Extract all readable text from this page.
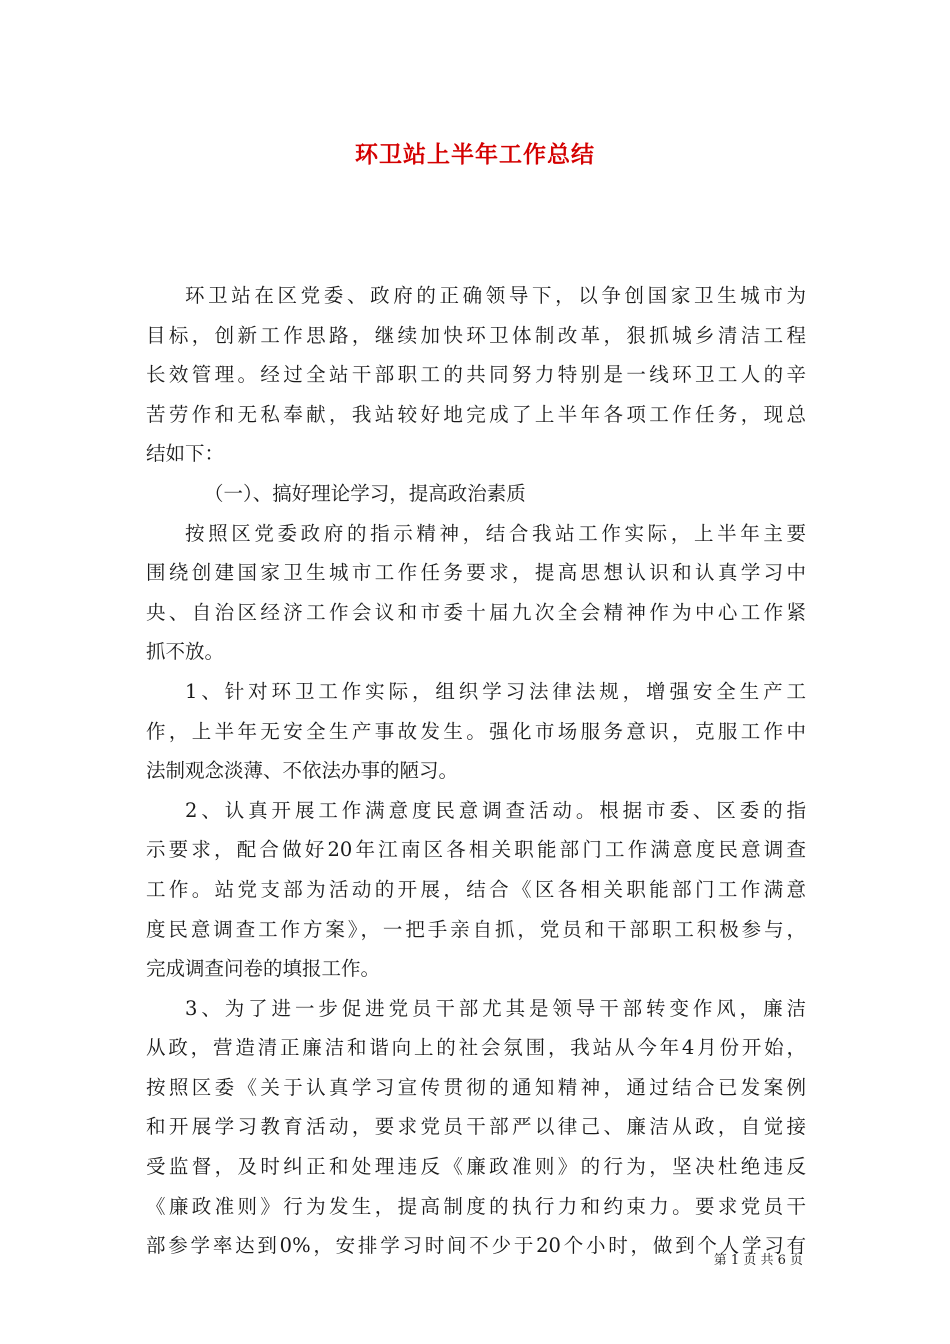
环卫站上半年工作总结
环卫站在区党委、政府的正确领导下，以争创国家卫生城市为
目标，创新工作思路，继续加快环卫体制改革，狠抓城乡清洁工程
长效管理。经过全站干部职工的共同努力特别是一线环卫工人的辛
苦劳作和无私奉献，我站较好地完成了上半年各项工作任务，现总
结如下：
（一）、搞好理论学习，提高政治素质
按照区党委政府的指示精神，结合我站工作实际，上半年主要
围绕创建国家卫生城市工作任务要求，提高思想认识和认真学习中
央、自治区经济工作会议和市委十届九次全会精神作为中心工作紧
抓不放。
1、针对环卫工作实际，组织学习法律法规，增强安全生产工
作，上半年无安全生产事故发生。强化市场服务意识，克服工作中
法制观念淡薄、不依法办事的陋习。
2、认真开展工作满意度民意调查活动。根据市委、区委的指
示要求，配合做好20年江南区各相关职能部门工作满意度民意调查
工作。站党支部为活动的开展，结合《区各相关职能部门工作满意
度民意调查工作方案》，一把手亲自抓，党员和干部职工积极参与，
完成调查问卷的填报工作。
3、为了进一步促进党员干部尤其是领导干部转变作风，廉洁
从政，营造清正廉洁和谐向上的社会氛围，我站从今年4月份开始，
按照区委《关于认真学习宣传贯彻的通知精神，通过结合已发案例
和开展学习教育活动，要求党员干部严以律己、廉洁从政，自觉接
受监督，及时纠正和处理违反《廉政准则》的行为，坚决杜绝违反
《廉政准则》行为发生，提高制度的执行力和约束力。要求党员干
部参学率达到0%，安排学习时间不少于20个小时，做到个人学习有
第 1 页 共 6 页
